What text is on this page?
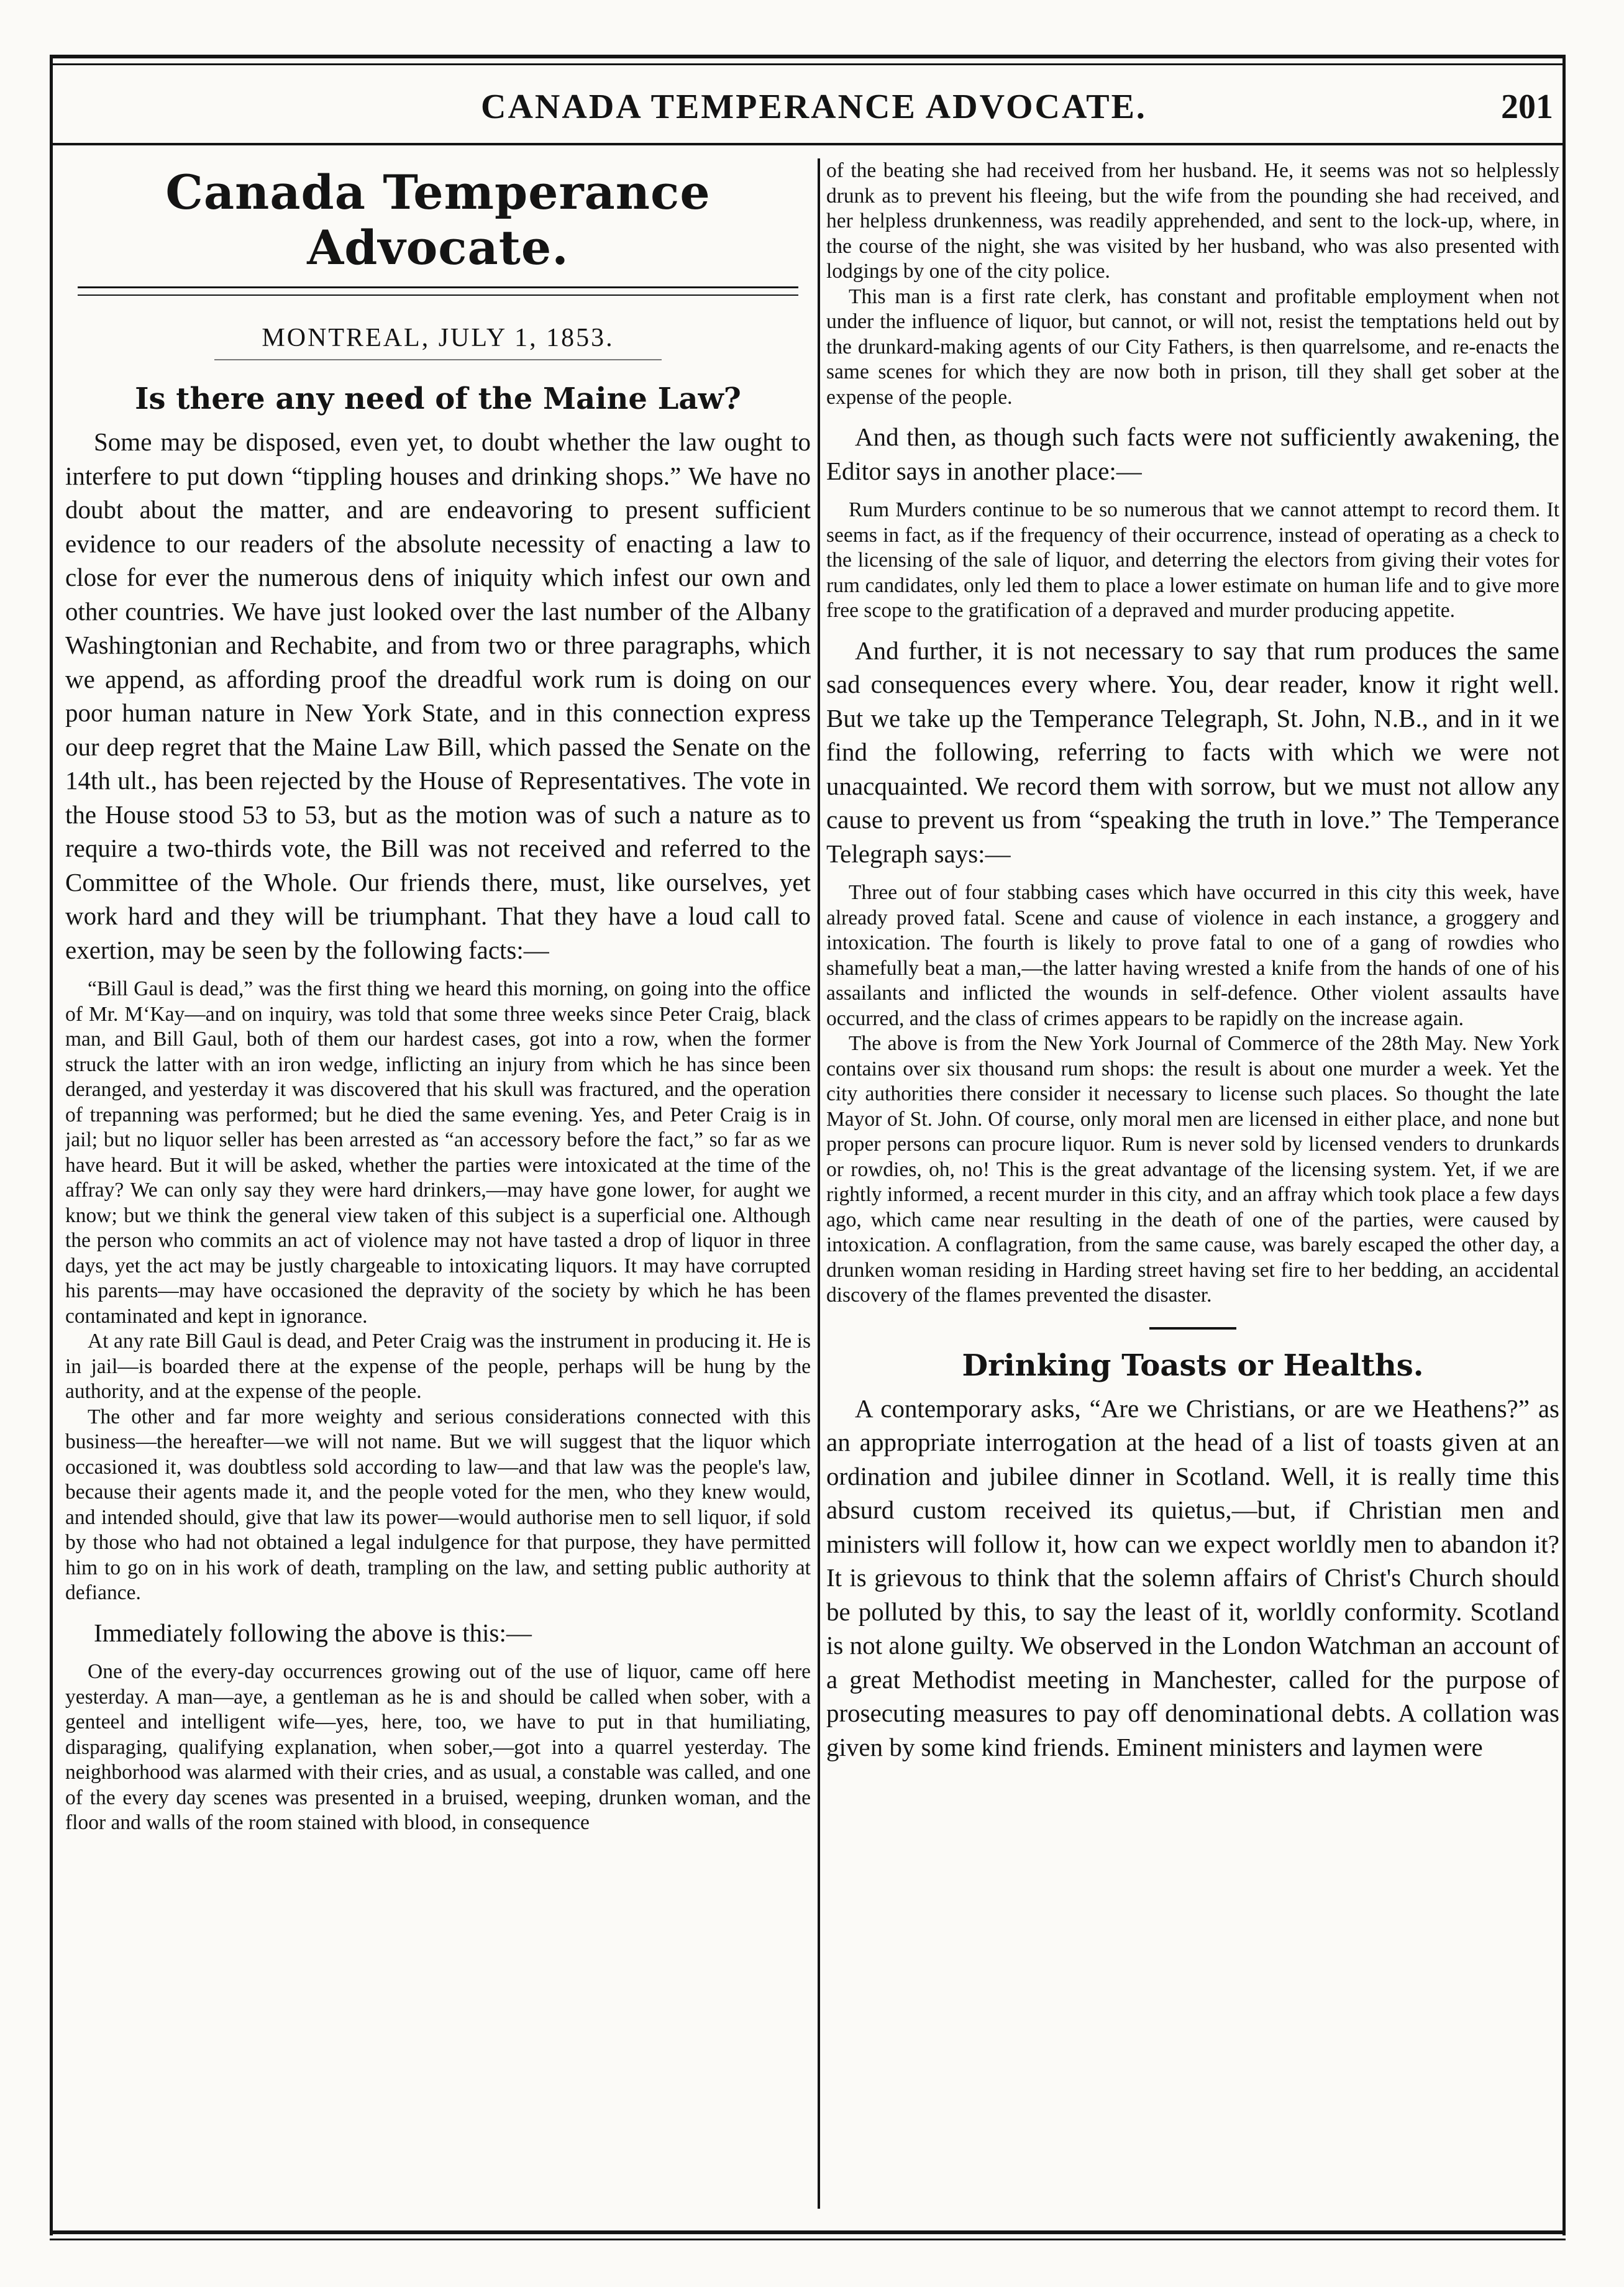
CANADA TEMPERANCE ADVOCATE.	201
Canada Temperance Advocate.
MONTREAL, JULY 1, 1853.
Is there any need of the Maine Law?

Some may be disposed, even yet, to doubt whether the law ought to interfere to put down “tippling houses and drinking shops.” We have no doubt about the matter, and are endeavoring to present sufficient evidence to our readers of the absolute necessity of enacting a law to close for ever the numerous dens of iniquity which infest our own and other countries. We have just looked over the last number of the Albany Washingtonian and Rechabite, and from two or three paragraphs, which we append, as affording proof the dreadful work rum is doing on our poor human nature in New York State, and in this connection express our deep regret that the Maine Law Bill, which passed the Senate on the 14th ult., has been rejected by the House of Representatives. The vote in the House stood 53 to 53, but as the motion was of such a nature as to require a two-thirds vote, the Bill was not received and referred to the Committee of the Whole. Our friends there, must, like ourselves, yet work hard and they will be triumphant. That they have a loud call to exertion, may be seen by the following facts:—

“Bill Gaul is dead,” was the first thing we heard this morning, on going into the office of Mr. M‘Kay—and on inquiry, was told that some three weeks since Peter Craig, black man, and Bill Gaul, both of them our hardest cases, got into a row, when the former struck the latter with an iron wedge, inflicting an injury from which he has since been deranged, and yesterday it was discovered that his skull was fractured, and the operation of trepanning was performed; but he died the same evening. Yes, and Peter Craig is in jail; but no liquor seller has been arrested as “an accessory before the fact,” so far as we have heard. But it will be asked, whether the parties were intoxicated at the time of the affray? We can only say they were hard drinkers,—may have gone lower, for aught we know; but we think the general view taken of this subject is a superficial one. Although the person who commits an act of violence may not have tasted a drop of liquor in three days, yet the act may be justly chargeable to intoxicating liquors. It may have corrupted his parents—may have occasioned the depravity of the society by which he has been contaminated and kept in ignorance.

At any rate Bill Gaul is dead, and Peter Craig was the instrument in producing it. He is in jail—is boarded there at the expense of the people, perhaps will be hung by the authority, and at the expense of the people.

The other and far more weighty and serious considerations connected with this business—the hereafter—we will not name. But we will suggest that the liquor which occasioned it, was doubtless sold according to law—and that law was the people's law, because their agents made it, and the people voted for the men, who they knew would, and intended should, give that law its power—would authorise men to sell liquor, if sold by those who had not obtained a legal indulgence for that purpose, they have permitted him to go on in his work of death, trampling on the law, and setting public authority at defiance.

Immediately following the above is this:—

One of the every-day occurrences growing out of the use of liquor, came off here yesterday. A man—aye, a gentleman as he is and should be called when sober, with a genteel and intelligent wife—yes, here, too, we have to put in that humiliating, disparaging, qualifying explanation, when sober,—got into a quarrel yesterday. The neighborhood was alarmed with their cries, and as usual, a constable was called, and one of the every day scenes was presented in a bruised, weeping, drunken woman, and the floor and walls of the room stained with blood, in consequence

of the beating she had received from her husband. He, it seems was not so helplessly drunk as to prevent his fleeing, but the wife from the pounding she had received, and her helpless drunkenness, was readily apprehended, and sent to the lock-up, where, in the course of the night, she was visited by her husband, who was also presented with lodgings by one of the city police.

This man is a first rate clerk, has constant and profitable employment when not under the influence of liquor, but cannot, or will not, resist the temptations held out by the drunkard-making agents of our City Fathers, is then quarrelsome, and re-enacts the same scenes for which they are now both in prison, till they shall get sober at the expense of the people.

And then, as though such facts were not sufficiently awakening, the Editor says in another place:—

Rum Murders continue to be so numerous that we cannot attempt to record them. It seems in fact, as if the frequency of their occurrence, instead of operating as a check to the licensing of the sale of liquor, and deterring the electors from giving their votes for rum candidates, only led them to place a lower estimate on human life and to give more free scope to the gratification of a depraved and murder producing appetite.

And further, it is not necessary to say that rum produces the same sad consequences every where. You, dear reader, know it right well. But we take up the Temperance Telegraph, St. John, N.B., and in it we find the following, referring to facts with which we were not unacquainted. We record them with sorrow, but we must not allow any cause to prevent us from “speaking the truth in love.” The Temperance Telegraph says:—

Three out of four stabbing cases which have occurred in this city this week, have already proved fatal. Scene and cause of violence in each instance, a groggery and intoxication. The fourth is likely to prove fatal to one of a gang of rowdies who shamefully beat a man,—the latter having wrested a knife from the hands of one of his assailants and inflicted the wounds in self-defence. Other violent assaults have occurred, and the class of crimes appears to be rapidly on the increase again.

The above is from the New York Journal of Commerce of the 28th May. New York contains over six thousand rum shops: the result is about one murder a week. Yet the city authorities there consider it necessary to license such places. So thought the late Mayor of St. John. Of course, only moral men are licensed in either place, and none but proper persons can procure liquor. Rum is never sold by licensed venders to drunkards or rowdies, oh, no! This is the great advantage of the licensing system. Yet, if we are rightly informed, a recent murder in this city, and an affray which took place a few days ago, which came near resulting in the death of one of the parties, were caused by intoxication. A conflagration, from the same cause, was barely escaped the other day, a drunken woman residing in Harding street having set fire to her bedding, an accidental discovery of the flames prevented the disaster.

Drinking Toasts or Healths.

A contemporary asks, “Are we Christians, or are we Heathens?” as an appropriate interrogation at the head of a list of toasts given at an ordination and jubilee dinner in Scotland. Well, it is really time this absurd custom received its quietus,—but, if Christian men and ministers will follow it, how can we expect worldly men to abandon it? It is grievous to think that the solemn affairs of Christ's Church should be polluted by this, to say the least of it, worldly conformity. Scotland is not alone guilty. We observed in the London Watchman an account of a great Methodist meeting in Manchester, called for the purpose of prosecuting measures to pay off denominational debts. A collation was given by some kind friends. Eminent ministers and laymen were
